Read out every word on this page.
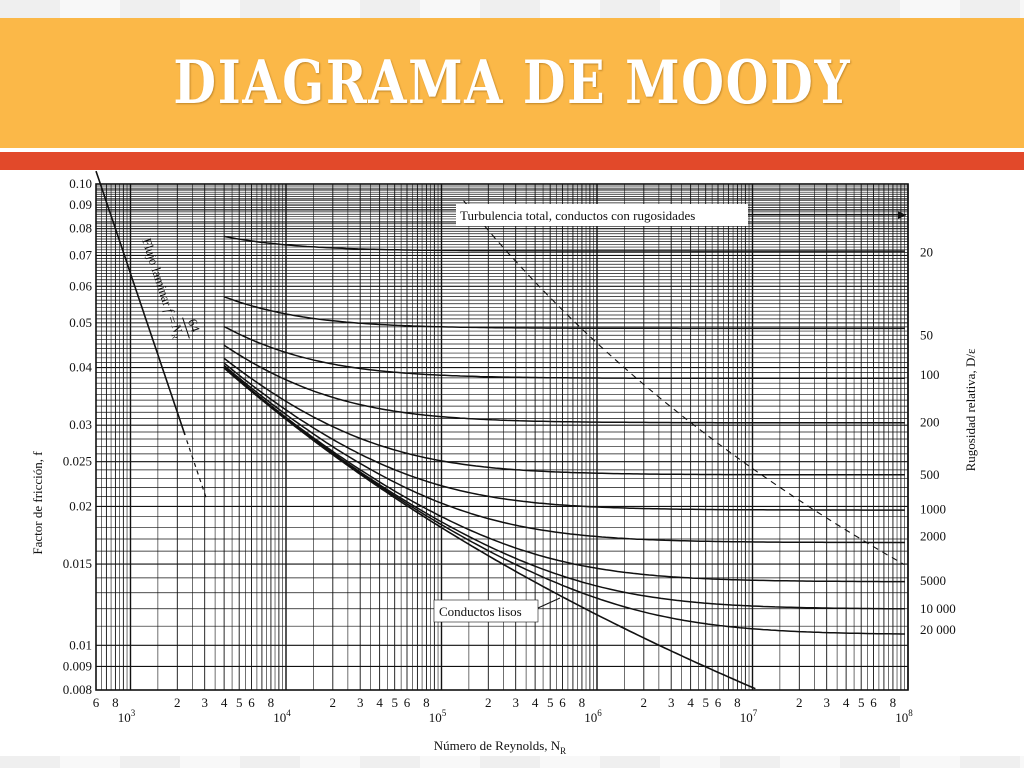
DIAGRAMA DE MOODY
Número de Reynolds, $N_R$
Factor de fricción, f
Rugosidad relativa, D/ε
0.10
0.09
0.08
0.07
0.06
0.05
0.04
0.03
0.025
0.02
0.015
0.01
0.009
0.008
6 8
$10^3$
2 3 4 5 6 8
$10^4$
2 3 4 5 6 8
$10^5$
2 3 4 5 6 8
$10^6$
2 3 4 5 6 8
$10^7$
2 3 4 5 6 8
$10^8$
20
50
100
200
500
1000
2000
5000
10 000
20 000
Flujo laminar f = 64
$N_R$
Turbulencia total, conductos con rugosidades
Conductos lisos
